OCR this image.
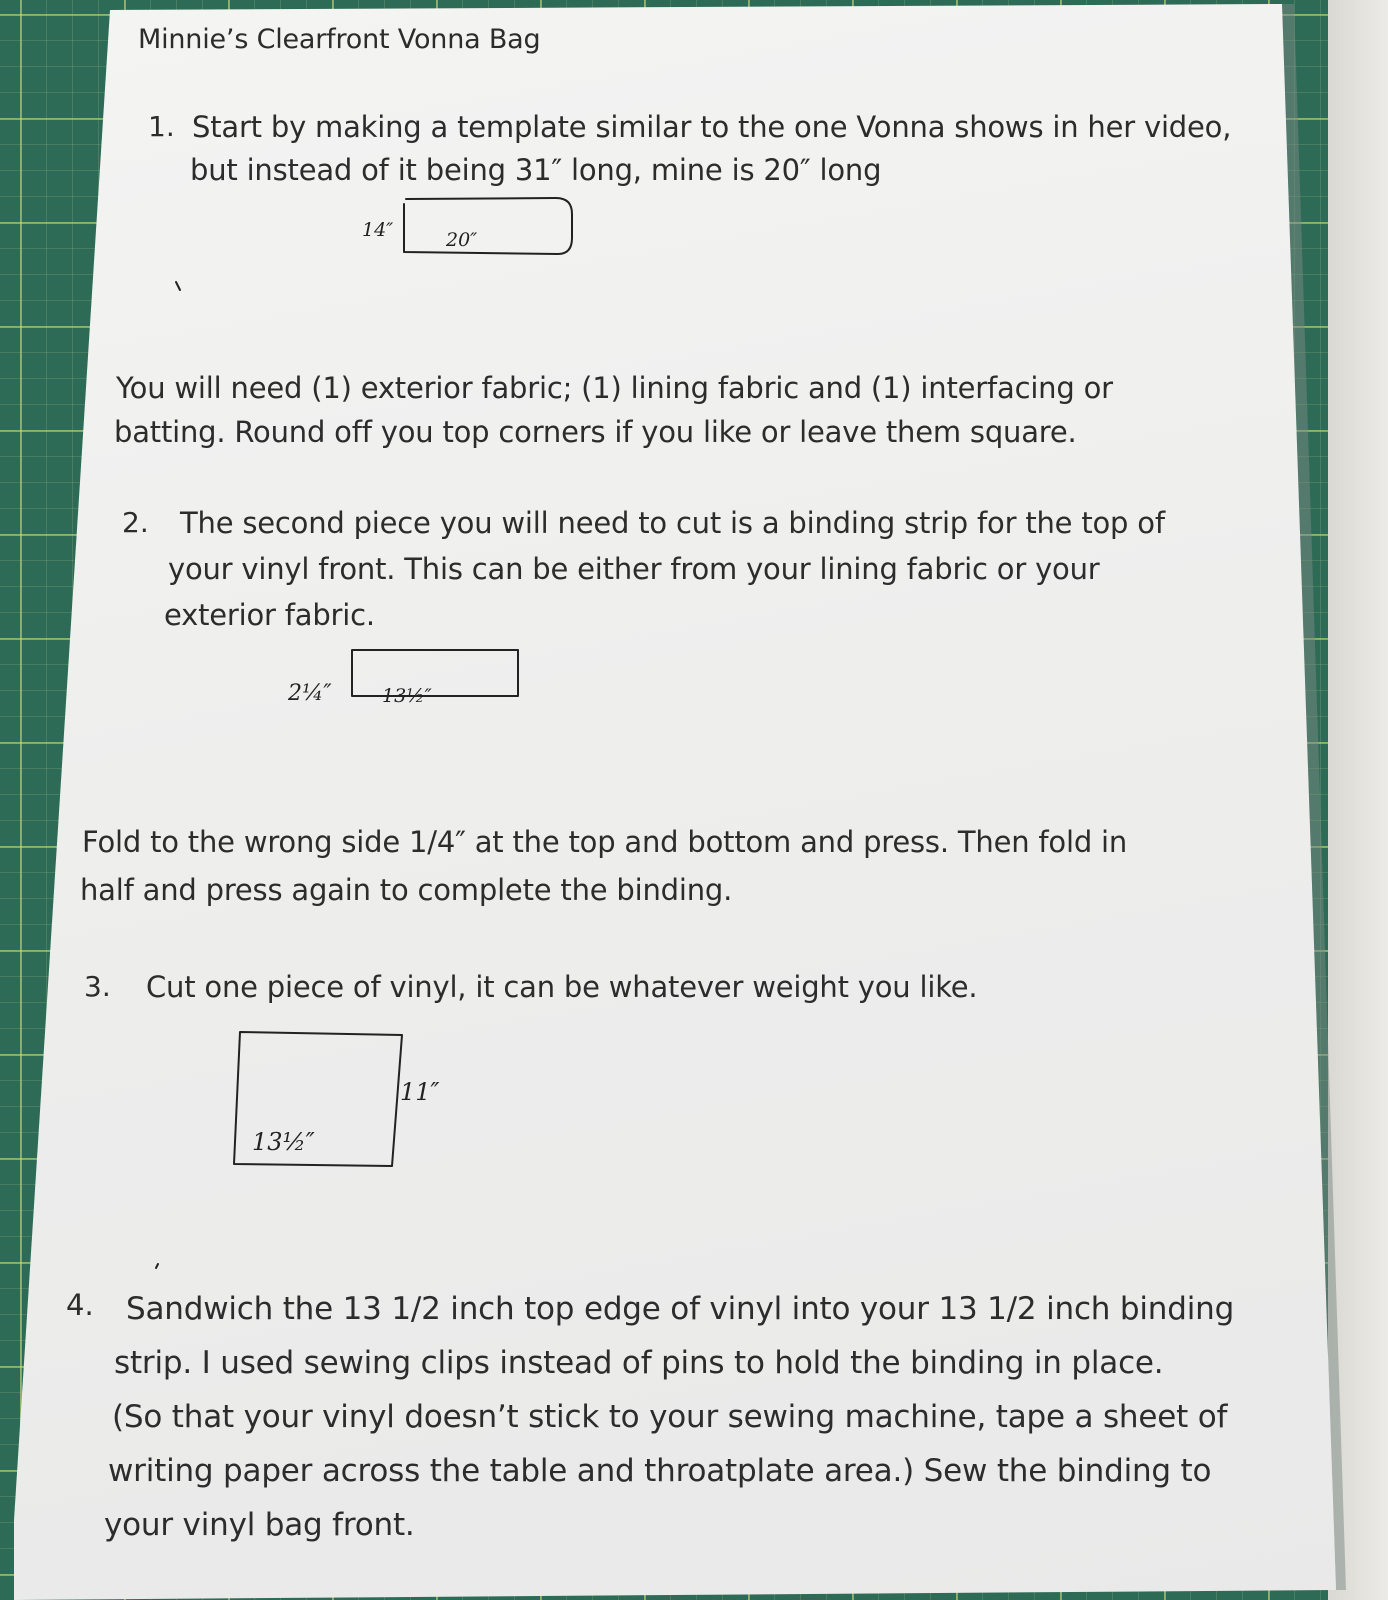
Minnie’s Clearfront Vonna Bag
1. Start by making a template similar to the one Vonna shows in her video,
but instead of it being 31″ long, mine is 20″ long
14″	20″
You will need (1) exterior fabric; (1) lining fabric and (1) interfacing or
batting. Round off you top corners if you like or leave them square.
2. The second piece you will need to cut is a binding strip for the top of
your vinyl front. This can be either from your lining fabric or your
exterior fabric.
2¼″	13½″
Fold to the wrong side 1/4″ at the top and bottom and press. Then fold in
half and press again to complete the binding.
3. Cut one piece of vinyl, it can be whatever weight you like.
11″
13½″
4. Sandwich the 13 1/2 inch top edge of vinyl into your 13 1/2 inch binding
strip. I used sewing clips instead of pins to hold the binding in place.
(So that your vinyl doesn’t stick to your sewing machine, tape a sheet of
writing paper across the table and throatplate area.) Sew the binding to
your vinyl bag front.
